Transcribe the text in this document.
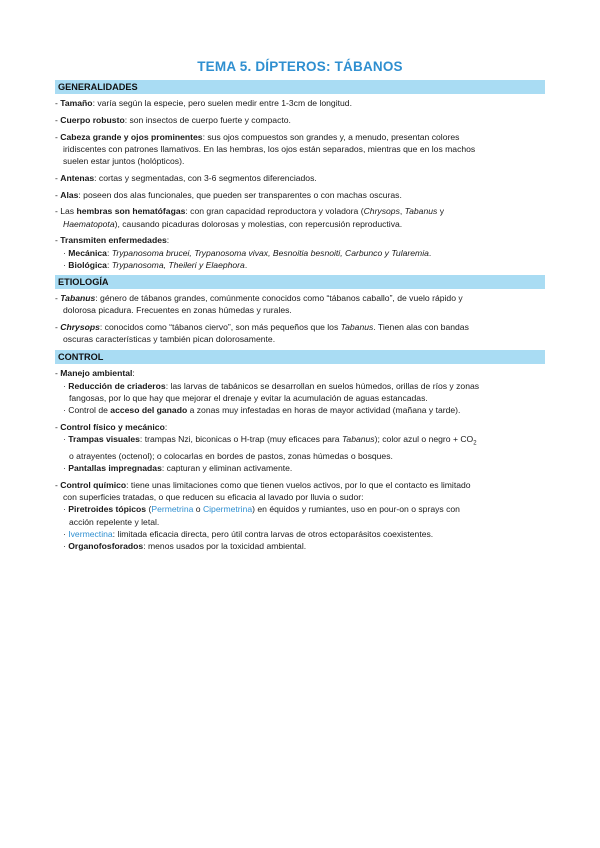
TEMA 5. DÍPTEROS: TÁBANOS
GENERALIDADES
- Tamaño: varía según la especie, pero suelen medir entre 1-3cm de longitud.
- Cuerpo robusto: son insectos de cuerpo fuerte y compacto.
- Cabeza grande y ojos prominentes: sus ojos compuestos son grandes y, a menudo, presentan colores
iridiscentes con patrones llamativos. En las hembras, los ojos están separados, mientras que en los machos
suelen estar juntos (holópticos).
- Antenas: cortas y segmentadas, con 3-6 segmentos diferenciados.
- Alas: poseen dos alas funcionales, que pueden ser transparentes o con machas oscuras.
- Las hembras son hematófagas: con gran capacidad reproductora y voladora (Chrysops, Tabanus y
Haematopota), causando picaduras dolorosas y molestias, con repercusión reproductiva.
- Transmiten enfermedades:
· Mecánica: Trypanosoma brucei, Trypanosoma vivax, Besnoitia besnoiti, Carbunco y Tularemia.
· Biológica: Trypanosoma, Theileri y Elaephora.
ETIOLOGÍA
- Tabanus: género de tábanos grandes, comúnmente conocidos como “tábanos caballo”, de vuelo rápido y
dolorosa picadura. Frecuentes en zonas húmedas y rurales.
- Chrysops: conocidos como “tábanos ciervo”, son más pequeños que los Tabanus. Tienen alas con bandas
oscuras características y también pican dolorosamente.
CONTROL
- Manejo ambiental:
· Reducción de criaderos: las larvas de tabánicos se desarrollan en suelos húmedos, orillas de ríos y zonas
fangosas, por lo que hay que mejorar el drenaje y evitar la acumulación de aguas estancadas.
· Control de acceso del ganado a zonas muy infestadas en horas de mayor actividad (mañana y tarde).
- Control físico y mecánico:
· Trampas visuales: trampas Nzi, biconicas o H-trap (muy eficaces para Tabanus); color azul o negro + $CO_2$
o atrayentes (octenol); o colocarlas en bordes de pastos, zonas húmedas o bosques.
· Pantallas impregnadas: capturan y eliminan activamente.
- Control químico: tiene unas limitaciones como que tienen vuelos activos, por lo que el contacto es limitado
con superficies tratadas, o que reducen su eficacia al lavado por lluvia o sudor:
· Piretroides tópicos (Permetrina o Cipermetrina) en équidos y rumiantes, uso en pour-on o sprays con
acción repelente y letal.
· Ivermectina: limitada eficacia directa, pero útil contra larvas de otros ectoparásitos coexistentes.
· Organofosforados: menos usados por la toxicidad ambiental.
